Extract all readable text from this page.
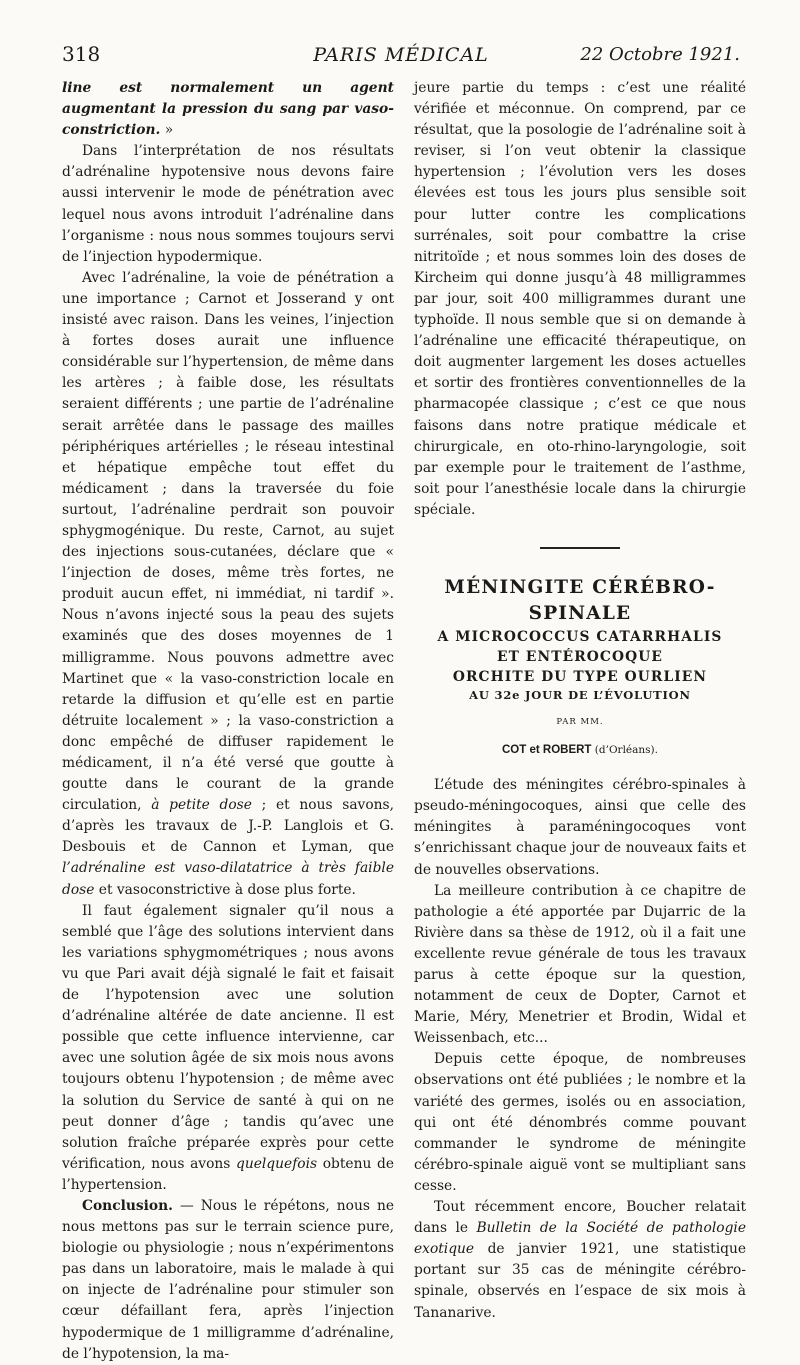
318	PARIS MÉDICAL	22 Octobre 1921.

line est normalement un agent augmentant la pression du sang par vaso-constriction. »

Dans l’interprétation de nos résultats d’adrénaline hypotensive nous devons faire aussi intervenir le mode de pénétration avec lequel nous avons introduit l’adrénaline dans l’organisme : nous nous sommes toujours servi de l’injection hypodermique.

Avec l’adrénaline, la voie de pénétration a une importance ; Carnot et Josserand y ont insisté avec raison. Dans les veines, l’injection à fortes doses aurait une influence considérable sur l’hypertension, de même dans les artères ; à faible dose, les résultats seraient différents ; une partie de l’adrénaline serait arrêtée dans le passage des mailles périphériques artérielles ; le réseau intestinal et hépatique empêche tout effet du médicament ; dans la traversée du foie surtout, l’adrénaline perdrait son pouvoir sphygmogénique. Du reste, Carnot, au sujet des injections sous-cutanées, déclare que « l’injection de doses, même très fortes, ne produit aucun effet, ni immédiat, ni tardif ». Nous n’avons injecté sous la peau des sujets examinés que des doses moyennes de 1 milligramme. Nous pouvons admettre avec Martinet que « la vaso-constriction locale en retarde la diffusion et qu’elle est en partie détruite localement » ; la vaso-constriction a donc empêché de diffuser rapidement le médicament, il n’a été versé que goutte à goutte dans le courant de la grande circulation, à petite dose ; et nous savons, d’après les travaux de J.-P. Langlois et G. Desbouis et de Cannon et Lyman, que l’adrénaline est vaso-dilatatrice à très faible dose et vasoconstrictive à dose plus forte.

Il faut également signaler qu’il nous a semblé que l’âge des solutions intervient dans les variations sphygmométriques ; nous avons vu que Pari avait déjà signalé le fait et faisait de l’hypotension avec une solution d’adrénaline altérée de date ancienne. Il est possible que cette influence intervienne, car avec une solution âgée de six mois nous avons toujours obtenu l’hypotension ; de même avec la solution du Service de santé à qui on ne peut donner d’âge ; tandis qu’avec une solution fraîche préparée exprès pour cette vérification, nous avons quelquefois obtenu de l’hypertension.

Conclusion. — Nous le répétons, nous ne nous mettons pas sur le terrain science pure, biologie ou physiologie ; nous n’expérimentons pas dans un laboratoire, mais le malade à qui on injecte de l’adrénaline pour stimuler son cœur défaillant fera, après l’injection hypodermique de 1 milligramme d’adrénaline, de l’hypotension, la ma-

jeure partie du temps : c’est une réalité vérifiée et méconnue. On comprend, par ce résultat, que la posologie de l’adrénaline soit à reviser, si l’on veut obtenir la classique hypertension ; l’évolution vers les doses élevées est tous les jours plus sensible soit pour lutter contre les complications surrénales, soit pour combattre la crise nitritoïde ; et nous sommes loin des doses de Kircheim qui donne jusqu’à 48 milligrammes par jour, soit 400 milligrammes durant une typhoïde. Il nous semble que si on demande à l’adrénaline une efficacité thérapeutique, on doit augmenter largement les doses actuelles et sortir des frontières conventionnelles de la pharmacopée classique ; c’est ce que nous faisons dans notre pratique médicale et chirurgicale, en oto-rhino-laryngologie, soit par exemple pour le traitement de l’asthme, soit pour l’anesthésie locale dans la chirurgie spéciale.

MÉNINGITE CÉRÉBRO-
SPINALE
A MICROCOCCUS CATARRHALIS
ET ENTÉROCOQUE
ORCHITE DU TYPE OURLIEN
AU 32e JOUR DE L’ÉVOLUTION
PAR MM.
COT et ROBERT (d’Orléans).

L’étude des méningites cérébro-spinales à pseudo-méningocoques, ainsi que celle des méningites à paraméningocoques vont s’enrichissant chaque jour de nouveaux faits et de nouvelles observations.

La meilleure contribution à ce chapitre de pathologie a été apportée par Dujarric de la Rivière dans sa thèse de 1912, où il a fait une excellente revue générale de tous les travaux parus à cette époque sur la question, notamment de ceux de Dopter, Carnot et Marie, Méry, Menetrier et Brodin, Widal et Weissenbach, etc...

Depuis cette époque, de nombreuses observations ont été publiées ; le nombre et la variété des germes, isolés ou en association, qui ont été dénombrés comme pouvant commander le syndrome de méningite cérébro-spinale aiguë vont se multipliant sans cesse.

Tout récemment encore, Boucher relatait dans le Bulletin de la Société de pathologie exotique de janvier 1921, une statistique portant sur 35 cas de méningite cérébro-spinale, observés en l’espace de six mois à Tananarive.
